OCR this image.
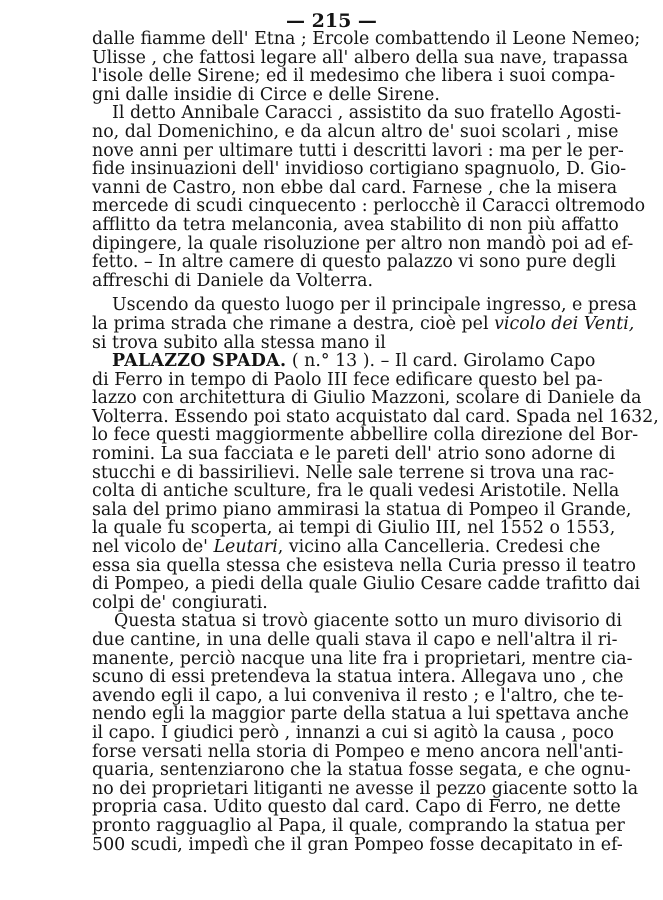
— 215 —
dalle fiamme dell' Etna ; Ercole combattendo il Leone Nemeo;
Ulisse , che fattosi legare all' albero della sua nave, trapassa
l'isole delle Sirene; ed il medesimo che libera i suoi compa-
gni dalle insidie di Circe e delle Sirene.
Il detto Annibale Caracci , assistito da suo fratello Agosti-
no, dal Domenichino, e da alcun altro de' suoi scolari , mise
nove anni per ultimare tutti i descritti lavori : ma per le per-
fide insinuazioni dell' invidioso cortigiano spagnuolo, D. Gio-
vanni de Castro, non ebbe dal card. Farnese , che la misera
mercede di scudi cinquecento : perlocchè il Caracci oltremodo
afflitto da tetra melanconia, avea stabilito di non più affatto
dipingere, la quale risoluzione per altro non mandò poi ad ef-
fetto. – In altre camere di questo palazzo vi sono pure degli
affreschi di Daniele da Volterra.
Uscendo da questo luogo per il principale ingresso, e presa
la prima strada che rimane a destra, cioè pel vicolo dei Venti,
si trova subito alla stessa mano il
PALAZZO SPADA. ( n.° 13 ). – Il card. Girolamo Capo
di Ferro in tempo di Paolo III fece edificare questo bel pa-
lazzo con architettura di Giulio Mazzoni, scolare di Daniele da
Volterra. Essendo poi stato acquistato dal card. Spada nel 1632,
lo fece questi maggiormente abbellire colla direzione del Bor-
romini. La sua facciata e le pareti dell' atrio sono adorne di
stucchi e di bassirilievi. Nelle sale terrene si trova una rac-
colta di antiche sculture, fra le quali vedesi Aristotile. Nella
sala del primo piano ammirasi la statua di Pompeo il Grande,
la quale fu scoperta, ai tempi di Giulio III, nel 1552 o 1553,
nel vicolo de' Leutari, vicino alla Cancelleria. Credesi che
essa sia quella stessa che esisteva nella Curia presso il teatro
di Pompeo, a piedi della quale Giulio Cesare cadde trafitto dai
colpi de' congiurati.
Questa statua si trovò giacente sotto un muro divisorio di
due cantine, in una delle quali stava il capo e nell'altra il ri-
manente, perciò nacque una lite fra i proprietari, mentre cia-
scuno di essi pretendeva la statua intera. Allegava uno , che
avendo egli il capo, a lui conveniva il resto ; e l'altro, che te-
nendo egli la maggior parte della statua a lui spettava anche
il capo. I giudici però , innanzi a cui si agitò la causa , poco
forse versati nella storia di Pompeo e meno ancora nell'anti-
quaria, sentenziarono che la statua fosse segata, e che ognu-
no dei proprietari litiganti ne avesse il pezzo giacente sotto la
propria casa. Udito questo dal card. Capo di Ferro, ne dette
pronto ragguaglio al Papa, il quale, comprando la statua per
500 scudi, impedì che il gran Pompeo fosse decapitato in ef-
